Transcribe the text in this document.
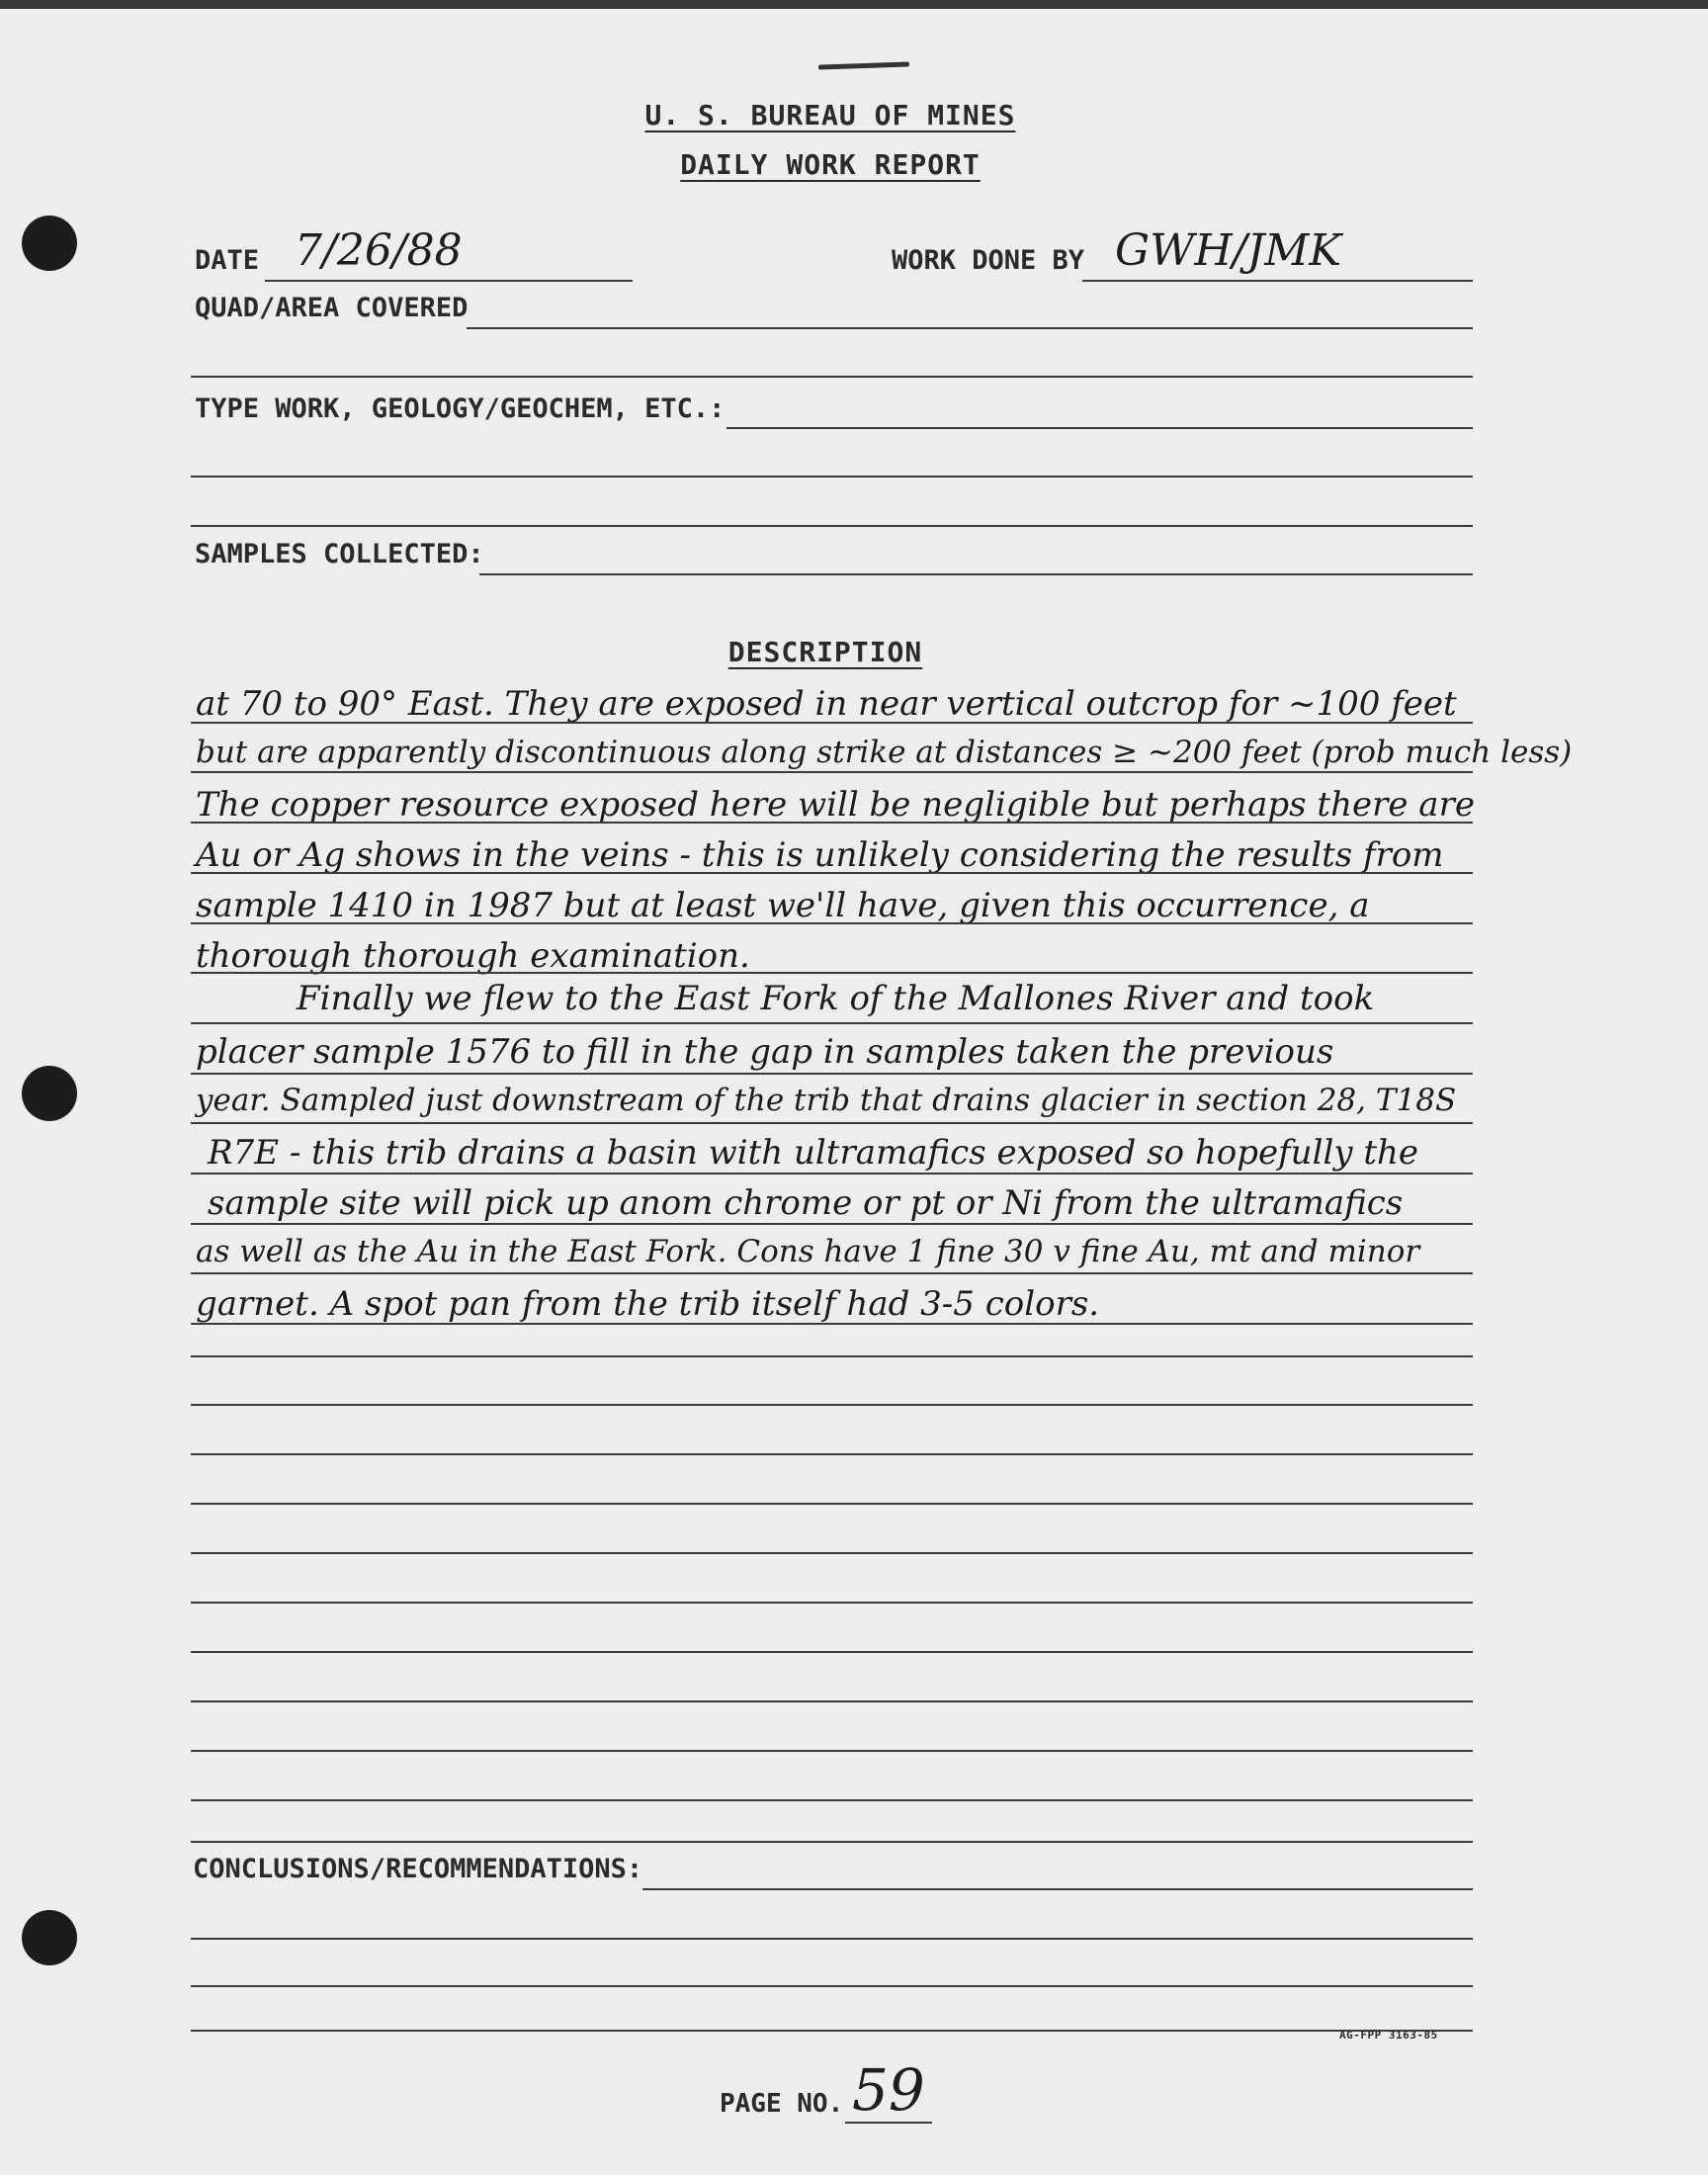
U. S. BUREAU OF MINES
DAILY WORK REPORT
DATE 7/26/88	WORK DONE BY GWH/JMK
QUAD/AREA COVERED
TYPE WORK, GEOLOGY/GEOCHEM, ETC.:
SAMPLES COLLECTED:
DESCRIPTION
at 70 to 90° East. They are exposed in near vertical outcrop for ~100 feet
but are apparently discontinuous along strike at distances ≥ ~200 feet (prob much less)
The copper resource exposed here will be negligible but perhaps there are
Au or Ag shows in the veins - this is unlikely considering the results from
sample 1410 in 1987 but at least we'll have, given this occurrence, a
thorough thorough examination.
Finally we flew to the East Fork of the Mallones River and took
placer sample 1576 to fill in the gap in samples taken the previous
year. Sampled just downstream of the trib that drains glacier in section 28, T18S
R7E - this trib drains a basin with ultramafics exposed so hopefully the
sample site will pick up anom chrome or pt or Ni from the ultramafics
as well as the Au in the East Fork. Cons have 1 fine 30 v fine Au, mt and minor
garnet. A spot pan from the trib itself had 3-5 colors.
CONCLUSIONS/RECOMMENDATIONS:
AG-FPP 3163-85
PAGE NO. 59
